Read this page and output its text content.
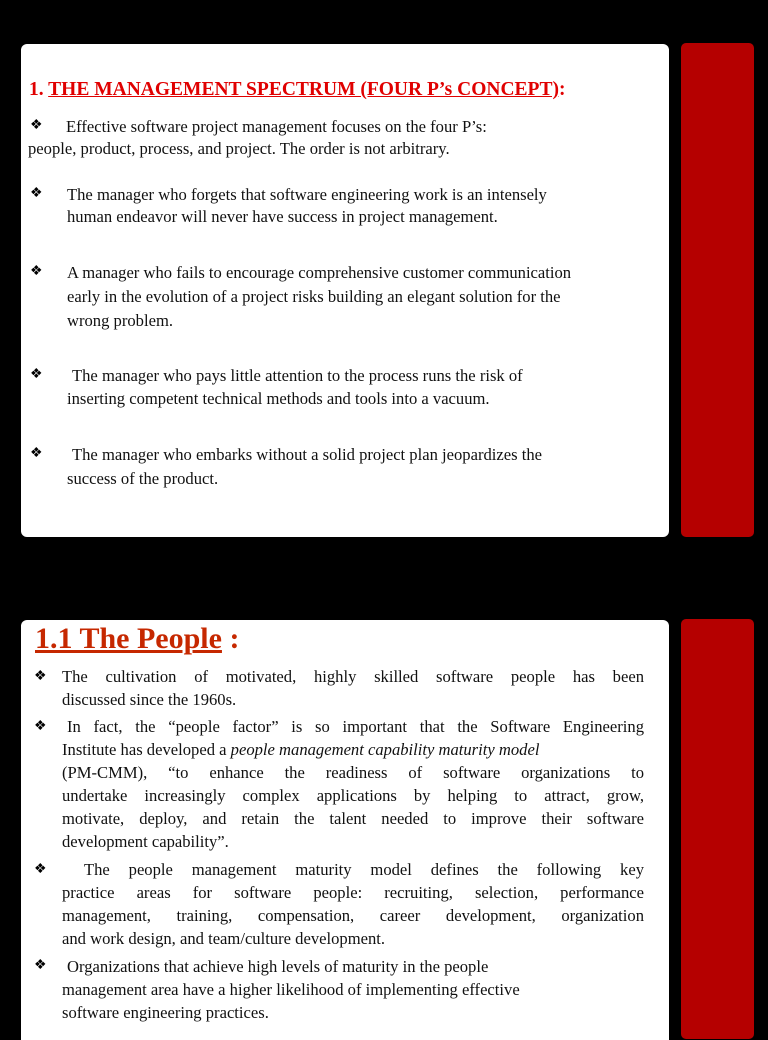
1. THE MANAGEMENT SPECTRUM (FOUR P’s CONCEPT):
❖ Effective software project management focuses on the four P’s:

people, product, process, and project. The order is not arbitrary.

❖ The manager who forgets that software engineering work is an intensely

human endeavor will never have success in project management.

❖ A manager who fails to encourage comprehensive customer communication

early in the evolution of a project risks building an elegant solution for the

wrong problem.

❖ The manager who pays little attention to the process runs the risk of

inserting competent technical methods and tools into a vacuum.

❖ The manager who embarks without a solid project plan jeopardizes the

success of the product.

1.1 The People :
❖ The cultivation of motivated, highly skilled software people has been
discussed since the 1960s.

❖	In fact, the “people factor” is so important that the Software Engineering
Institute has developed a people management capability maturity model
(PM-CMM), “to enhance the readiness of software organizations to
undertake increasingly complex applications by helping to attract, grow,
motivate, deploy, and retain the talent needed to improve their software
development capability”.

❖	The people management maturity model defines the following key
practice areas for software people: recruiting, selection, performance
management, training, compensation, career development, organization
and work design, and team/culture development.

❖	Organizations that achieve high levels of maturity in the people
management area have a higher likelihood of implementing effective
software engineering practices.
